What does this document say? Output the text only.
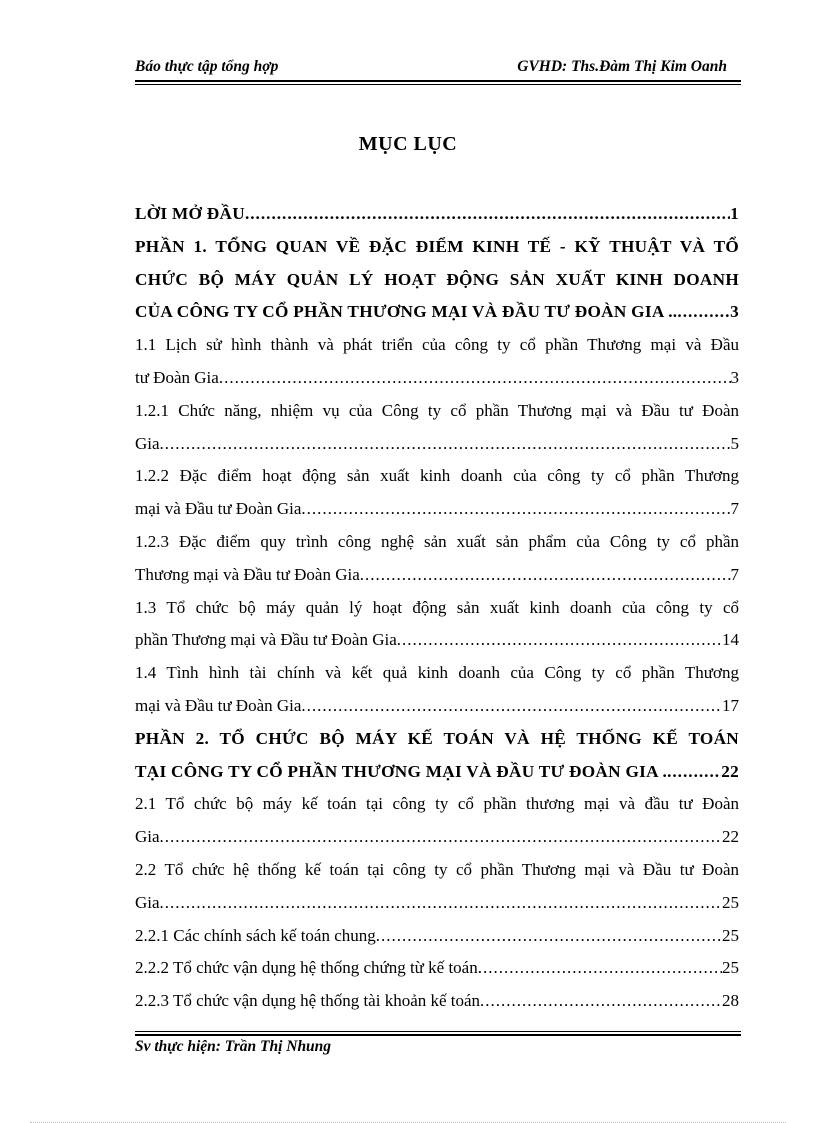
Báo thực tập tổng hợp	GVHD: Ths.Đàm Thị Kim Oanh
MỤC LỤC
LỜI MỞ ĐẦU .....	1
PHẦN 1. TỔNG QUAN VỀ ĐẶC ĐIỂM KINH TẾ - KỸ THUẬT VÀ TỔ
CHỨC BỘ MÁY QUẢN LÝ HOẠT ĐỘNG SẢN XUẤT KINH DOANH
CỦA CÔNG TY CỔ PHẦN THƯƠNG MẠI VÀ ĐẦU TƯ ĐOÀN GIA .. .....	3
1.1 Lịch sử hình thành và phát triển của công ty cổ phần Thương mại và Đầu
tư Đoàn Gia .....	3
1.2.1 Chức năng, nhiệm vụ của Công ty cổ phần Thương mại và Đầu tư Đoàn
Gia .....	5
1.2.2 Đặc điểm hoạt động sản xuất kinh doanh của công ty cổ phần Thương
mại và Đầu tư Đoàn Gia .....	7
1.2.3 Đặc điểm quy trình công nghệ sản xuất sản phẩm của Công ty cổ phần
Thương mại và Đầu tư Đoàn Gia .....	7
1.3 Tổ chức bộ máy quản lý hoạt động sản xuất kinh doanh của công ty cổ
phần Thương mại và Đầu tư Đoàn Gia .....	14
1.4 Tình hình tài chính và kết quả kinh doanh của Công ty cổ phần Thương
mại và Đầu tư Đoàn Gia .....	17
PHẦN 2. TỔ CHỨC BỘ MÁY KẾ TOÁN VÀ HỆ THỐNG KẾ TOÁN
TẠI CÔNG TY CỔ PHẦN THƯƠNG MẠI VÀ ĐẦU TƯ ĐOÀN GIA . .....	22
2.1 Tổ chức bộ máy kế toán tại công ty cổ phần thương mại và đầu tư Đoàn
Gia .....	22
2.2 Tổ chức hệ thống kế toán tại công ty cổ phần Thương mại và Đầu tư Đoàn
Gia .....	25
2.2.1 Các chính sách kế toán chung .....	25
2.2.2 Tổ chức vận dụng hệ thống chứng từ kế toán .....	25
2.2.3 Tổ chức vận dụng hệ thống tài khoản kế toán .....	28
Sv thực hiện: Trần Thị Nhung
